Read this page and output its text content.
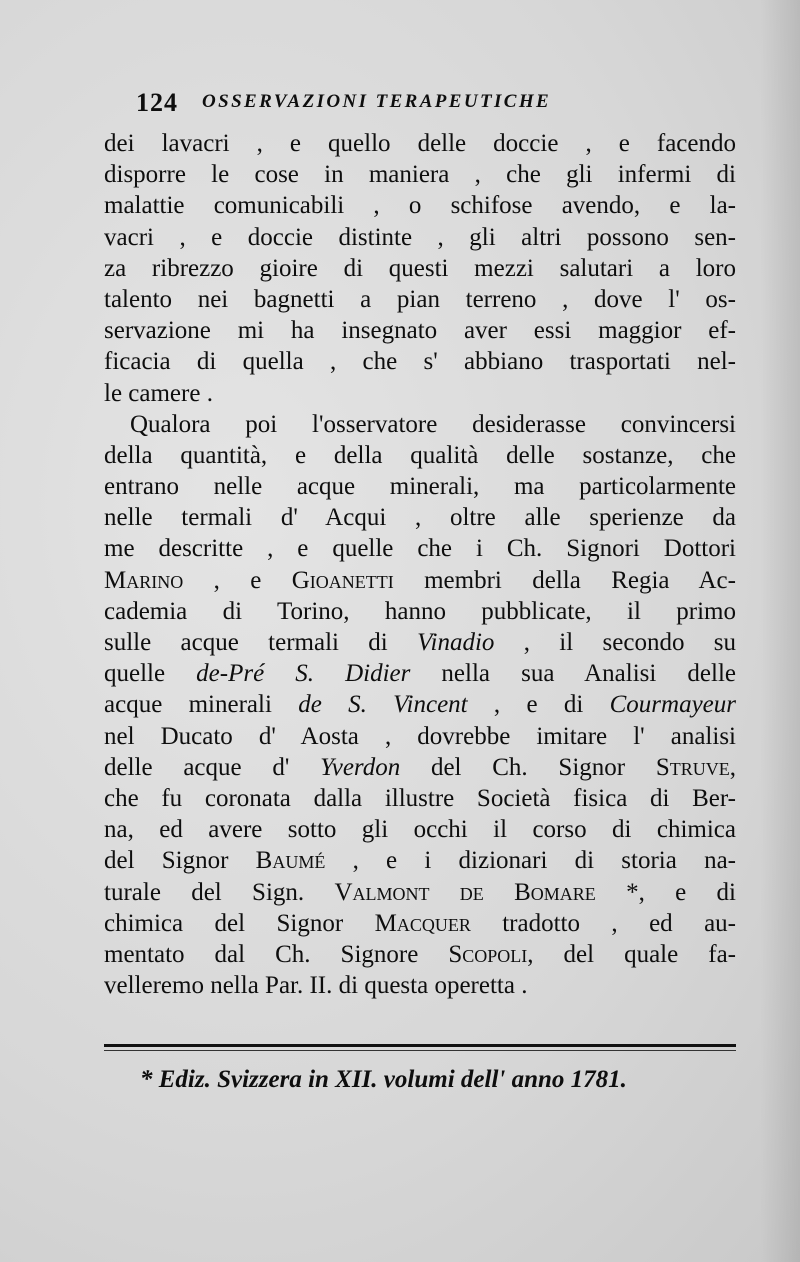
124 OSSERVAZIONI TERAPEUTICHE
dei lavacri , e quello delle doccie , e facendo
disporre le cose in maniera , che gli infermi di
malattie comunicabili , o schifose avendo, e la-
vacri , e doccie distinte , gli altri possono sen-
za ribrezzo gioire di questi mezzi salutari a loro
talento nei bagnetti a pian terreno , dove l' os-
servazione mi ha insegnato aver essi maggior ef-
ficacia di quella , che s' abbiano trasportati nel-
le camere .
Qualora poi l'osservatore desiderasse convincersi
della quantità, e della qualità delle sostanze, che
entrano nelle acque minerali, ma particolarmente
nelle termali d' Acqui , oltre alle sperienze da
me descritte , e quelle che i Ch. Signori Dottori
Marino , e Gioanetti membri della Regia Ac-
cademia di Torino, hanno pubblicate, il primo
sulle acque termali di Vinadio , il secondo su
quelle de-Pré S. Didier nella sua Analisi delle
acque minerali de S. Vincent , e di Courmayeur
nel Ducato d' Aosta , dovrebbe imitare l' analisi
delle acque d' Yverdon del Ch. Signor Struve,
che fu coronata dalla illustre Società fisica di Ber-
na, ed avere sotto gli occhi il corso di chimica
del Signor Baumé , e i dizionari di storia na-
turale del Sign. Valmont de Bomare *, e di
chimica del Signor Macquer tradotto , ed au-
mentato dal Ch. Signore Scopoli, del quale fa-
velleremo nella Par. II. di questa operetta .
* Ediz. Svizzera in XII. volumi dell' anno 1781.
